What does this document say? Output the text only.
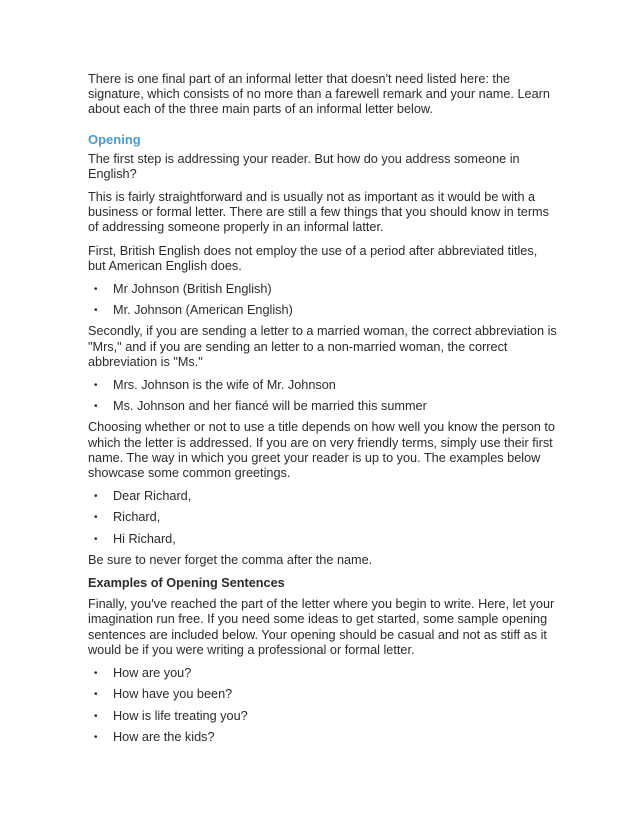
There is one final part of an informal letter that doesn't need listed here: the signature, which consists of no more than a farewell remark and your name. Learn about each of the three main parts of an informal letter below.

Opening

The first step is addressing your reader. But how do you address someone in English?

This is fairly straightforward and is usually not as important as it would be with a business or formal letter. There are still a few things that you should know in terms of addressing someone properly in an informal latter.

First, British English does not employ the use of a period after abbreviated titles, but American English does.

• Mr Johnson (British English)
• Mr. Johnson (American English)

Secondly, if you are sending a letter to a married woman, the correct abbreviation is "Mrs," and if you are sending an letter to a non-married woman, the correct abbreviation is "Ms."

• Mrs. Johnson is the wife of Mr. Johnson
• Ms. Johnson and her fiancé will be married this summer

Choosing whether or not to use a title depends on how well you know the person to which the letter is addressed. If you are on very friendly terms, simply use their first name. The way in which you greet your reader is up to you. The examples below showcase some common greetings.

• Dear Richard,
• Richard,
• Hi Richard,

Be sure to never forget the comma after the name.

Examples of Opening Sentences

Finally, you've reached the part of the letter where you begin to write. Here, let your imagination run free. If you need some ideas to get started, some sample opening sentences are included below. Your opening should be casual and not as stiff as it would be if you were writing a professional or formal letter.

• How are you?
• How have you been?
• How is life treating you?
• How are the kids?
